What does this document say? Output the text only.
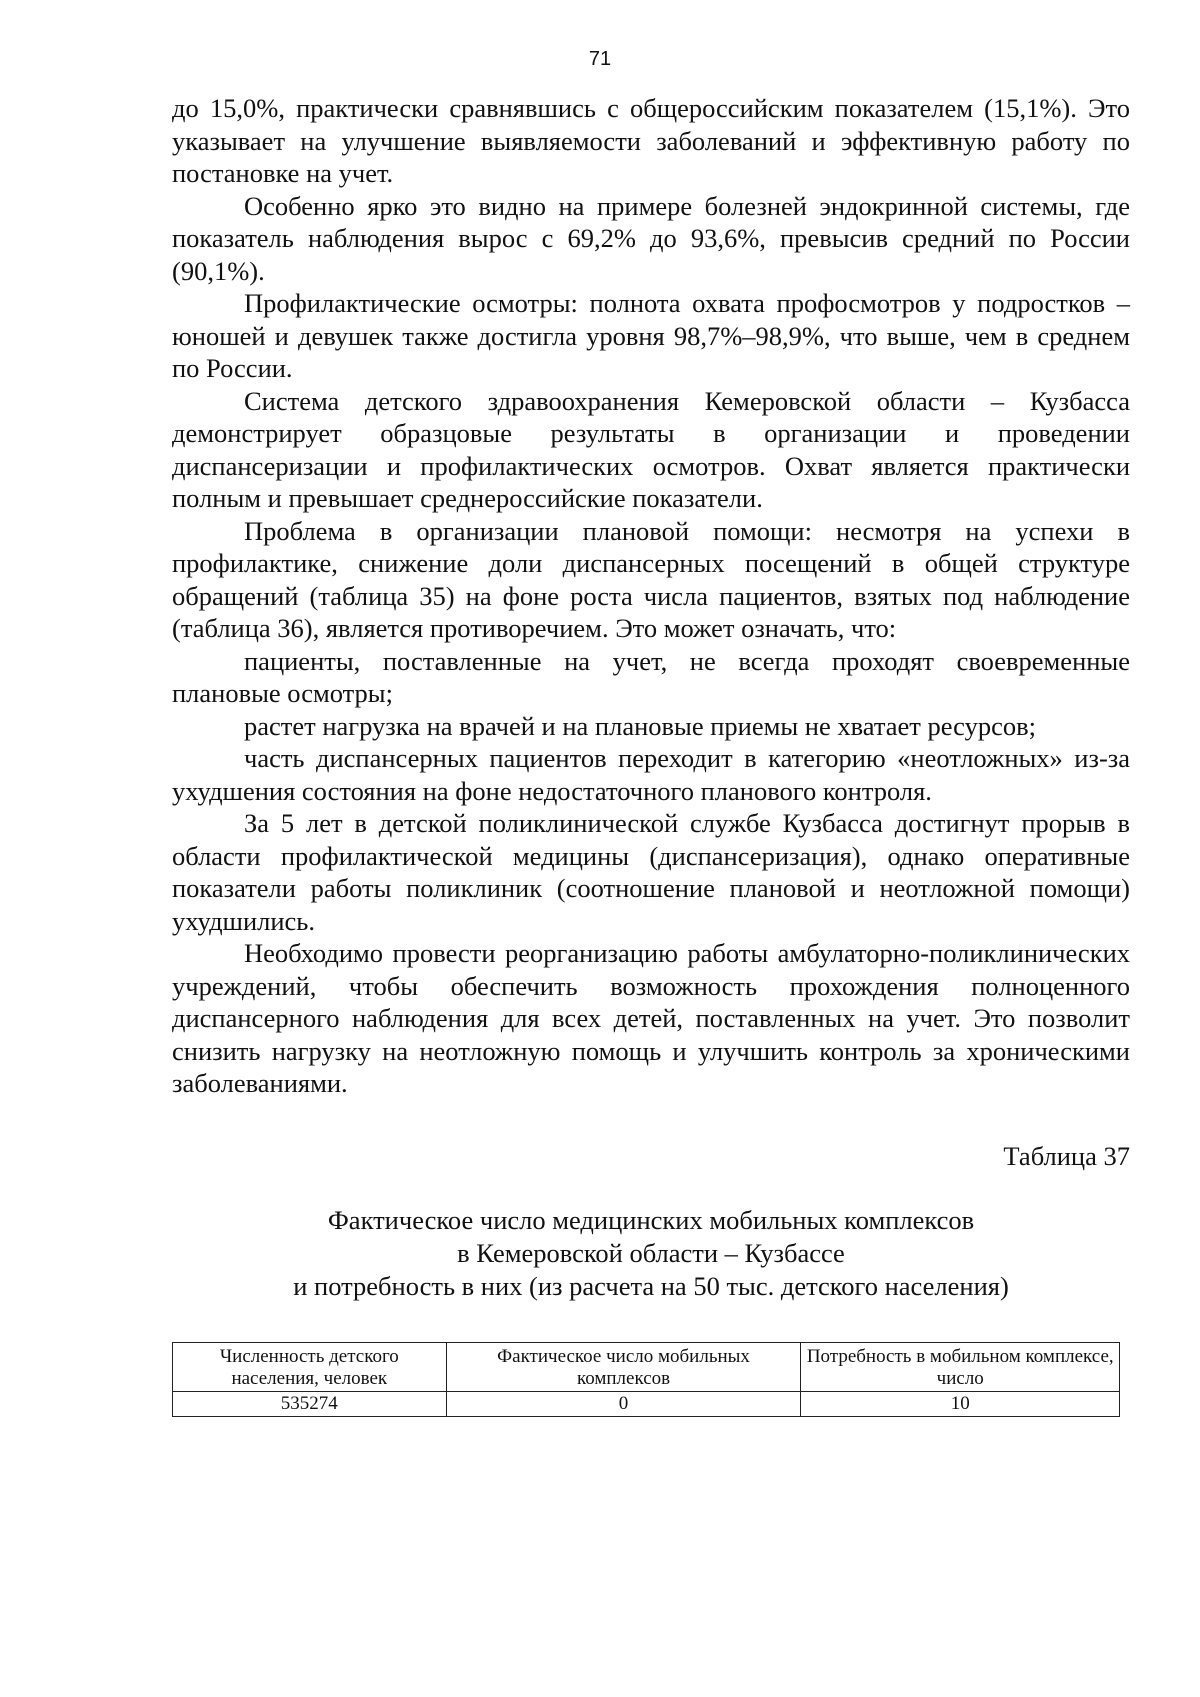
71

до 15,0%, практически сравнявшись с общероссийским показателем (15,1%). Это указывает на улучшение выявляемости заболеваний и эффективную работу по постановке на учет.

Особенно ярко это видно на примере болезней эндокринной системы, где показатель наблюдения вырос с 69,2% до 93,6%, превысив средний по России (90,1%).

Профилактические осмотры: полнота охвата профосмотров у подростков – юношей и девушек также достигла уровня 98,7%–98,9%, что выше, чем в среднем по России.

Система детского здравоохранения Кемеровской области – Кузбасса демонстрирует образцовые результаты в организации и проведении диспансеризации и профилактических осмотров. Охват является практически полным и превышает среднероссийские показатели.

Проблема в организации плановой помощи: несмотря на успехи в профилактике, снижение доли диспансерных посещений в общей структуре обращений (таблица 35) на фоне роста числа пациентов, взятых под наблюдение (таблица 36), является противоречием. Это может означать, что:

пациенты, поставленные на учет, не всегда проходят своевременные плановые осмотры;

растет нагрузка на врачей и на плановые приемы не хватает ресурсов;

часть диспансерных пациентов переходит в категорию «неотложных» из-за ухудшения состояния на фоне недостаточного планового контроля.

За 5 лет в детской поликлинической службе Кузбасса достигнут прорыв в области профилактической медицины (диспансеризация), однако оперативные показатели работы поликлиник (соотношение плановой и неотложной помощи) ухудшились.

Необходимо провести реорганизацию работы амбулаторно-поликлинических учреждений, чтобы обеспечить возможность прохождения полноценного диспансерного наблюдения для всех детей, поставленных на учет. Это позволит снизить нагрузку на неотложную помощь и улучшить контроль за хроническими заболеваниями.

Таблица 37
Фактическое число медицинских мобильных комплексов
в Кемеровской области – Кузбассе
и потребность в них (из расчета на 50 тыс. детского населения)
Численность детского населения, человек	Фактическое число мобильных комплексов	Потребность в мобильном комплексе, число
535274	0	10
